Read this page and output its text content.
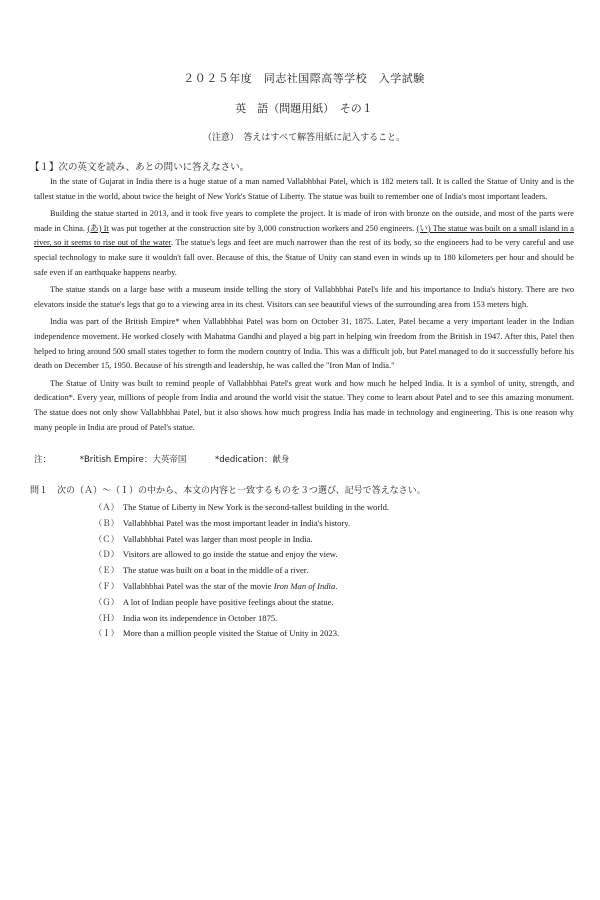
２０２５年度　同志社国際高等学校　入学試験
英　語（問題用紙）　その１
（注意）　答えはすべて解答用紙に記入すること。
【１】次の英文を読み、あとの問いに答えなさい。

In the state of Gujarat in India there is a huge statue of a man named Vallabhbhai Patel, which is 182 meters tall. It is called the Statue of Unity and is the tallest statue in the world, about twice the height of New York's Statue of Liberty. The statue was built to remember one of India's most important leaders.

Building the statue started in 2013, and it took five years to complete the project. It is made of iron with bronze on the outside, and most of the parts were made in China. (あ) It was put together at the construction site by 3,000 construction workers and 250 engineers. (い) The statue was built on a small island in a river, so it seems to rise out of the water. The statue's legs and feet are much narrower than the rest of its body, so the engineers had to be very careful and use special technology to make sure it wouldn't fall over. Because of this, the Statue of Unity can stand even in winds up to 180 kilometers per hour and should be safe even if an earthquake happens nearby.

The statue stands on a large base with a museum inside telling the story of Vallabhbhai Patel's life and his importance to India's history. There are two elevators inside the statue's legs that go to a viewing area in its chest. Visitors can see beautiful views of the surrounding area from 153 meters high.

India was part of the British Empire* when Vallabhbhai Patel was born on October 31, 1875. Later, Patel became a very important leader in the Indian independence movement. He worked closely with Mahatma Gandhi and played a big part in helping win freedom from the British in 1947. After this, Patel then helped to bring around 500 small states together to form the modern country of India. This was a difficult job, but Patel managed to do it successfully before his death on December 15, 1950. Because of his strength and leadership, he was called the "Iron Man of India."

The Statue of Unity was built to remind people of Vallabhbhai Patel's great work and how much he helped India. It is a symbol of unity, strength, and dedication*. Every year, millions of people from India and around the world visit the statue. They come to learn about Patel and to see this amazing monument. The statue does not only show Vallabhbhai Patel, but it also shows how much progress India has made in technology and engineering. This is one reason why many people in India are proud of Patel's statue.

注：	*British Empire：大英帝国	*dedication：献身
問１　次の（Ａ）～（Ｉ）の中から、本文の内容と一致するものを３つ選び、記号で答えなさい。
（Ａ） The Statue of Liberty in New York is the second-tallest building in the world.
（Ｂ） Vallabhbhai Patel was the most important leader in India's history.
（Ｃ） Vallabhbhai Patel was larger than most people in India.
（Ｄ） Visitors are allowed to go inside the statue and enjoy the view.
（Ｅ） The statue was built on a boat in the middle of a river.
（Ｆ） Vallabhbhai Patel was the star of the movie Iron Man of India.
（Ｇ） A lot of Indian people have positive feelings about the statue.
（Ｈ） India won its independence in October 1875.
（Ｉ） More than a million people visited the Statue of Unity in 2023.
